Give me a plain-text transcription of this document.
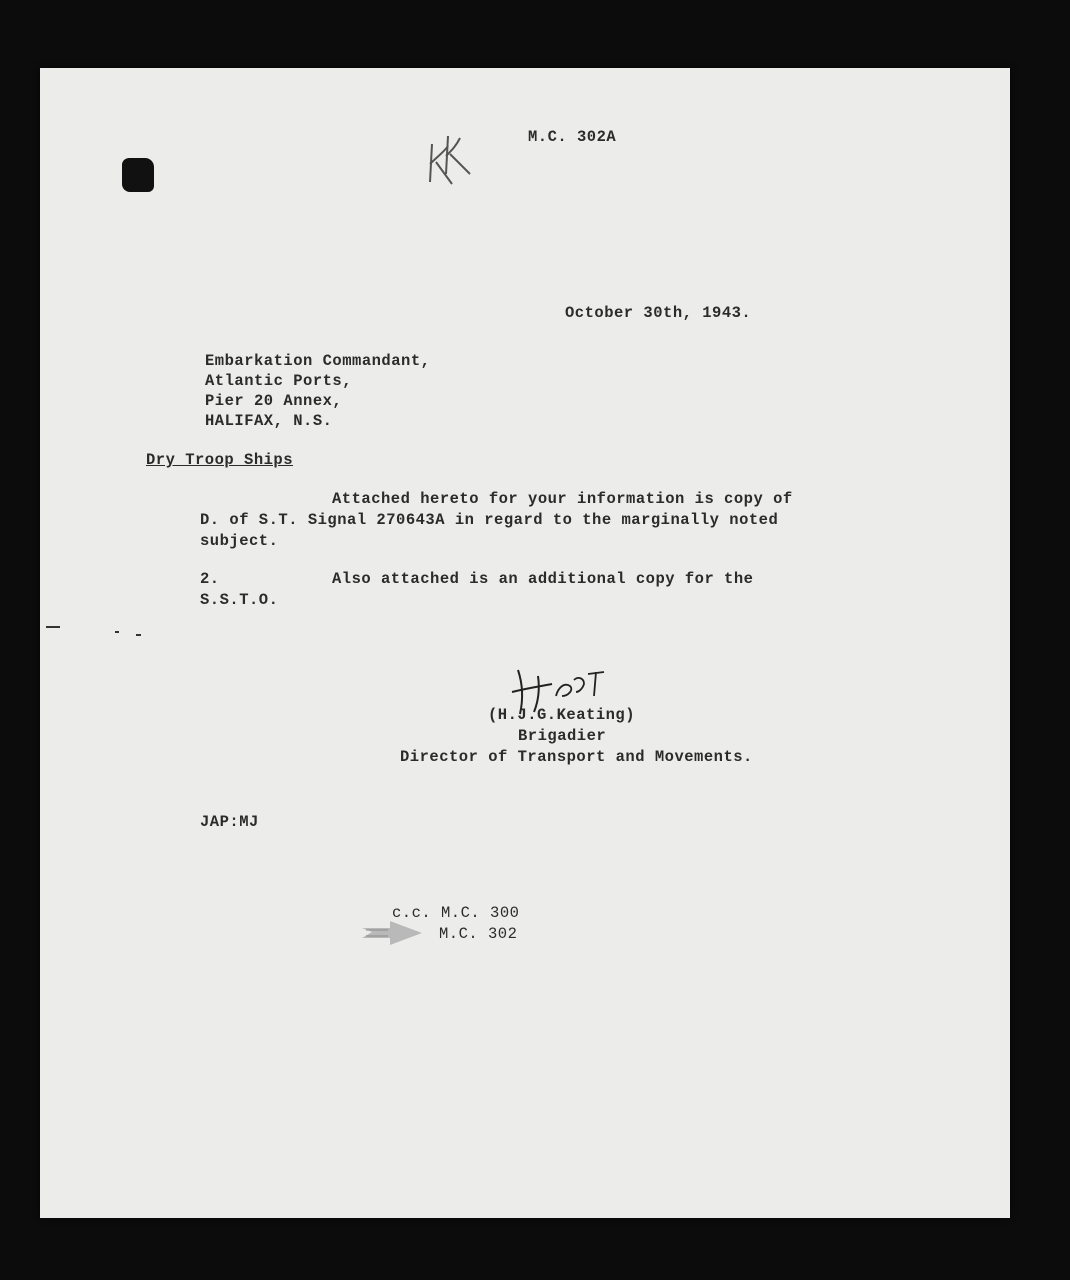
M.C. 302A
October 30th, 1943.
Embarkation Commandant,
Atlantic Ports,
Pier 20 Annex,
HALIFAX, N.S.
Dry Troop Ships
Attached hereto for your information is copy of
D. of S.T. Signal 270643A in regard to the marginally noted
subject.
2.	Also attached is an additional copy for the
S.S.T.O.
(H.J.G.Keating)
Brigadier
Director of Transport and Movements.
JAP:MJ
c.c. M.C. 300
M.C. 302
